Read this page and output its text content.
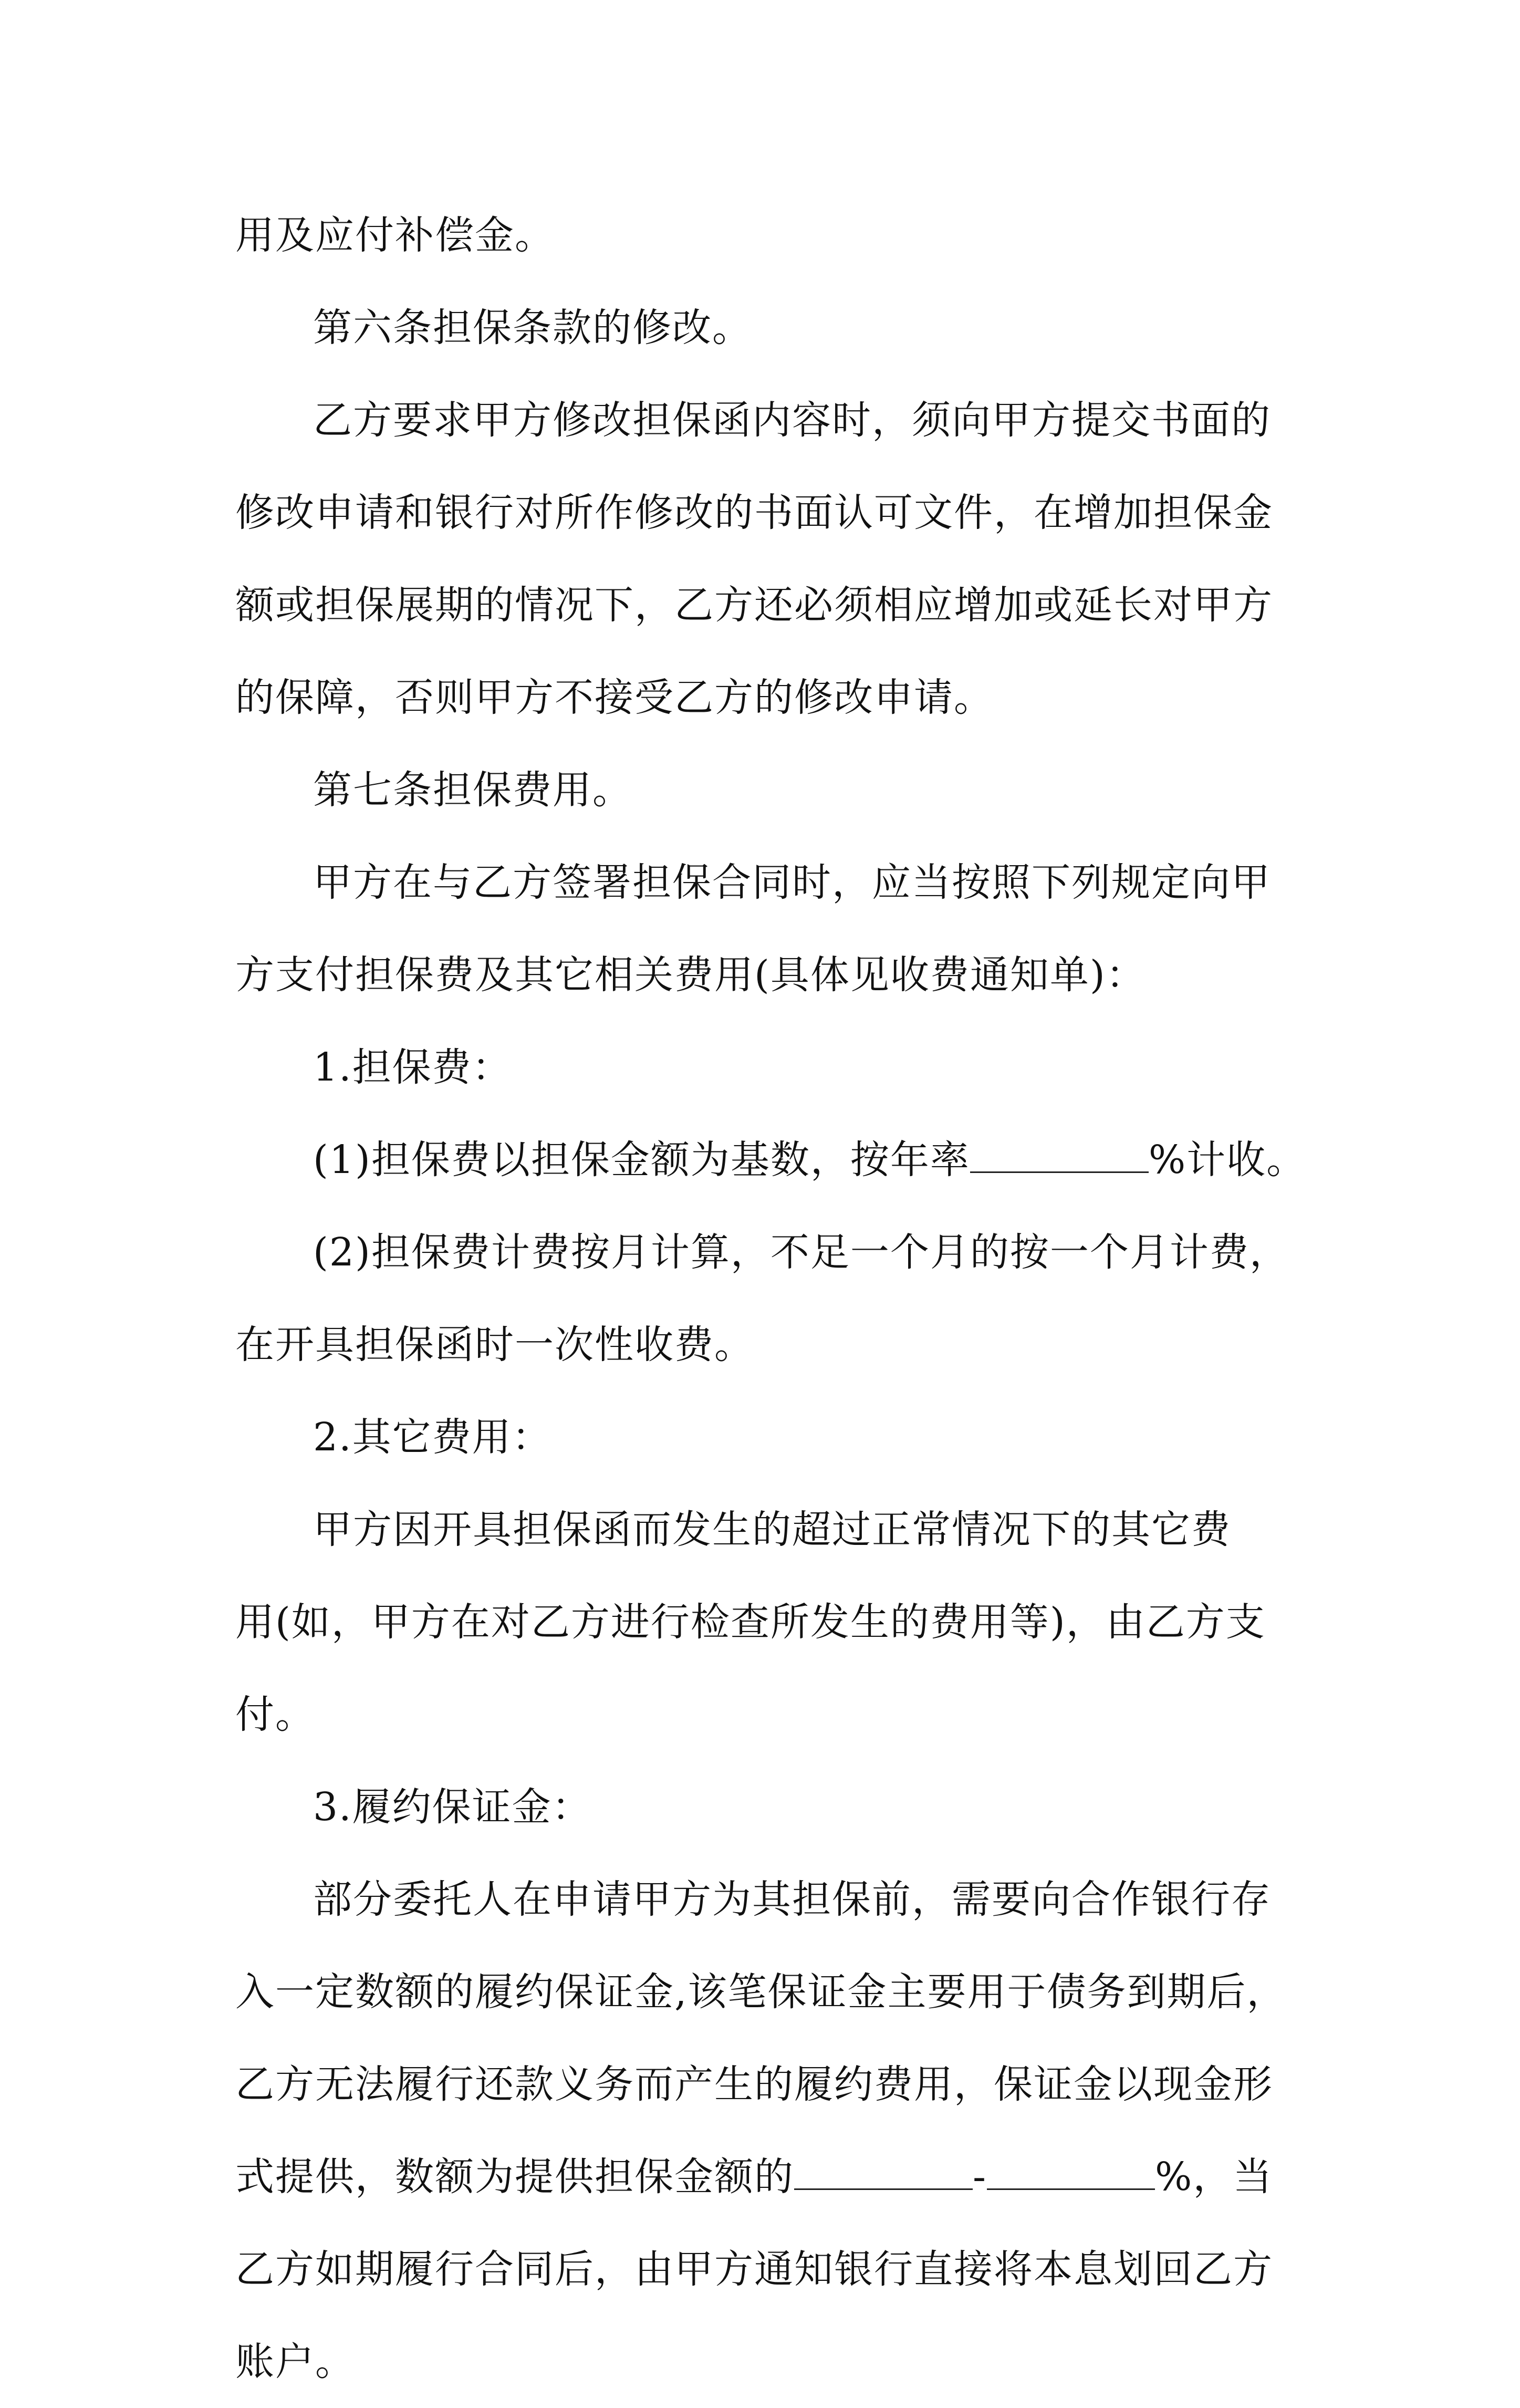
用及应付补偿金。
第六条担保条款的修改。
乙方要求甲方修改担保函内容时，须向甲方提交书面的
修改申请和银行对所作修改的书面认可文件，在增加担保金
额或担保展期的情况下，乙方还必须相应增加或延长对甲方
的保障，否则甲方不接受乙方的修改申请。
第七条担保费用。
甲方在与乙方签署担保合同时，应当按照下列规定向甲
方支付担保费及其它相关费用(具体见收费通知单)：
1.担保费：
(1)担保费以担保金额为基数，按年率	%计收。
(2)担保费计费按月计算，不足一个月的按一个月计费，
在开具担保函时一次性收费。
2.其它费用：
甲方因开具担保函而发生的超过正常情况下的其它费
用(如，甲方在对乙方进行检查所发生的费用等)，由乙方支
付。
3.履约保证金：
部分委托人在申请甲方为其担保前，需要向合作银行存
入一定数额的履约保证金,该笔保证金主要用于债务到期后，
乙方无法履行还款义务而产生的履约费用，保证金以现金形
式提供，数额为提供担保金额的	-	%，当
乙方如期履行合同后，由甲方通知银行直接将本息划回乙方
账户。
